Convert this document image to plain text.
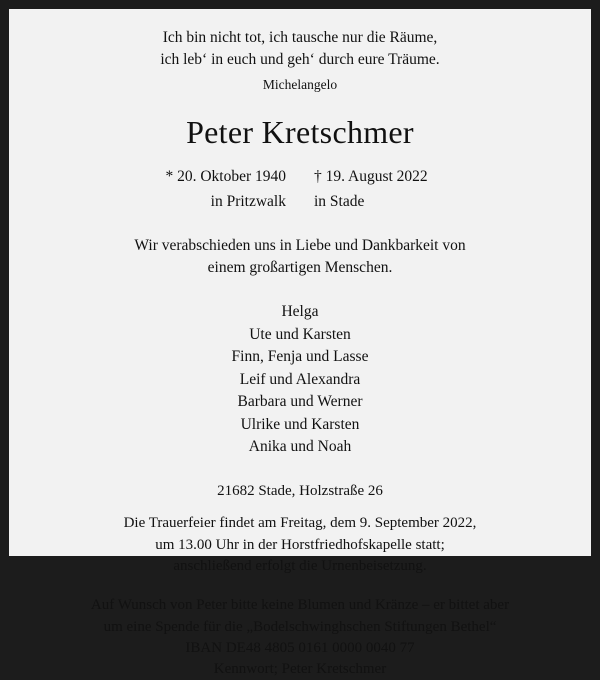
Ich bin nicht tot, ich tausche nur die Räume,
ich leb‘ in euch und geh‘ durch eure Träume.
Michelangelo
Peter Kretschmer
* 20. Oktober 1940	† 19. August 2022
in Pritzwalk	in Stade
Wir verabschieden uns in Liebe und Dankbarkeit von
einem großartigen Menschen.
Helga
Ute und Karsten
Finn, Fenja und Lasse
Leif und Alexandra
Barbara und Werner
Ulrike und Karsten
Anika und Noah
21682 Stade, Holzstraße 26
Die Trauerfeier findet am Freitag, dem 9. September 2022,
um 13.00 Uhr in der Horstfriedhofskapelle statt;
anschließend erfolgt die Urnenbeisetzung.
Auf Wunsch von Peter bitte keine Blumen und Kränze – er bittet aber
um eine Spende für die „Bodelschwinghschen Stiftungen Bethel“
IBAN DE48 4805 0161 0000 0040 77
Kennwort; Peter Kretschmer
